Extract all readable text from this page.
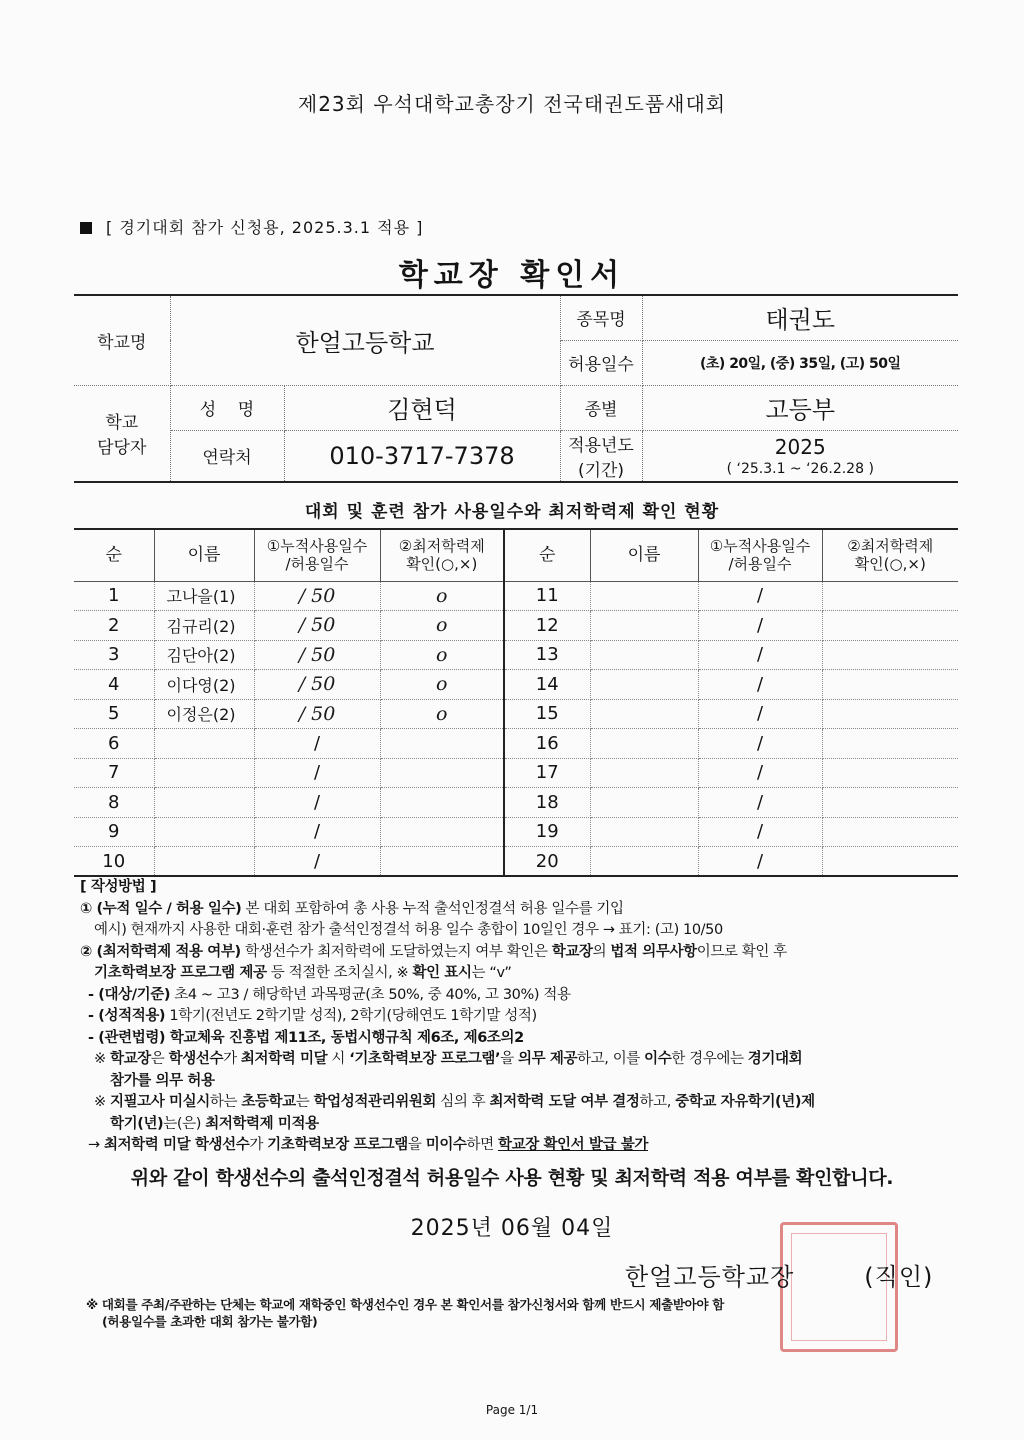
제23회 우석대학교총장기 전국태권도품새대회
[ 경기대회 참가 신청용, 2025.3.1 적용 ]
학교장 확인서
학교명	한얼고등학교		종목명	태권도
			허용일수	(초) 20일, (중) 35일, (고) 50일
학교
담당자	성    명	김현덕	종별	고등부
	연락처	010-3717-7378	적용년도
(기간)	2025
( ‘25.3.1 ~ ‘26.2.28 )
대회 및 훈련 참가 사용일수와 최저학력제 확인 현황
순	이름	①누적사용일수
/허용일수	②최저학력제
확인(○,×)	순	이름	①누적사용일수
/허용일수	②최저학력제
확인(○,×)
1	고나을(1)	/ 50	o	11		/	
2	김규리(2)	/ 50	o	12		/	
3	김단아(2)	/ 50	o	13		/	
4	이다영(2)	/ 50	o	14		/	
5	이정은(2)	/ 50	o	15		/	
6		/		16		/	
7		/		17		/	
8		/		18		/	
9		/		19		/	
10		/		20		/	

[ 작성방법 ]

① (누적 일수 / 허용 일수) 본 대회 포함하여 총 사용 누적 출석인정결석 허용 일수를 기입

예시) 현재까지 사용한 대회·훈련 참가 출석인정결석 허용 일수 총합이 10일인 경우 → 표기: (고) 10/50

② (최저학력제 적용 여부) 학생선수가 최저학력에 도달하였는지 여부 확인은 학교장의 법적 의무사항이므로 확인 후

기초학력보장 프로그램 제공 등 적절한 조치실시, ※ 확인 표시는 “v”

- (대상/기준) 초4 ~ 고3 / 해당학년 과목평균(초 50%, 중 40%, 고 30%) 적용

- (성적적용) 1학기(전년도 2학기말 성적), 2학기(당해연도 1학기말 성적)

- (관련법령) 학교체육 진흥법 제11조, 동법시행규칙 제6조, 제6조의2

※ 학교장은 학생선수가 최저학력 미달 시 ‘기초학력보장 프로그램’을 의무 제공하고, 이를 이수한 경우에는 경기대회

참가를 의무 허용

※ 지필고사 미실시하는 초등학교는 학업성적관리위원회 심의 후 최저학력 도달 여부 결정하고, 중학교 자유학기(년)제

학기(년)는(은) 최저학력제 미적용

→ 최저학력 미달 학생선수가 기초학력보장 프로그램을 미이수하면 학교장 확인서 발급 불가

위와 같이 학생선수의 출석인정결석 허용일수 사용 현황 및 최저학력 적용 여부를 확인합니다.
2025년 06월 04일
한얼고등학교장	(직인)

※ 대회를 주최/주관하는 단체는 학교에 재학중인 학생선수인 경우 본 확인서를 참가신청서와 함께 반드시 제출받아야 함

(허용일수를 초과한 대회 참가는 불가함)

Page 1/1
